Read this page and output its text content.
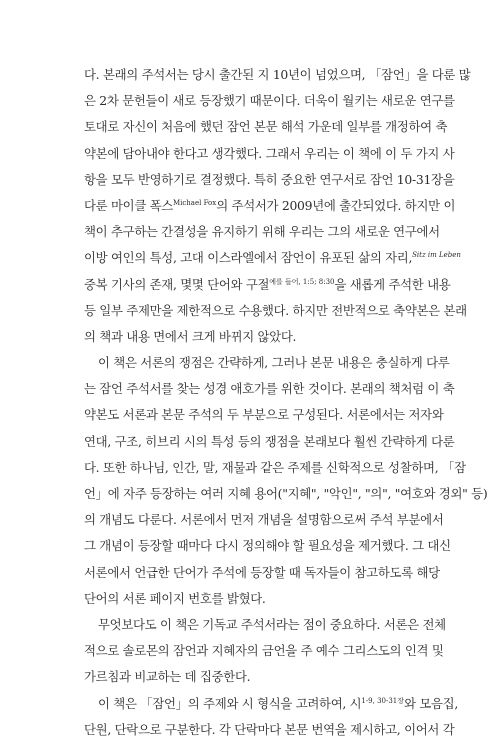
다. 본래의 주석서는 당시 출간된 지 10년이 넘었으며, 「잠언」을 다룬 많
은 2차 문헌들이 새로 등장했기 때문이다. 더욱이 월키는 새로운 연구를
토대로 자신이 처음에 했던 잠언 본문 해석 가운데 일부를 개정하여 축
약본에 담아내야 한다고 생각했다. 그래서 우리는 이 책에 이 두 가지 사
항을 모두 반영하기로 결정했다. 특히 중요한 연구서로 잠언 10-31장을
다룬 마이클 폭스$^{Michael Fox}$의 주석서가 2009년에 출간되었다. 하지만 이
책이 추구하는 간결성을 유지하기 위해 우리는 그의 새로운 연구에서
이방 여인의 특성, 고대 이스라엘에서 잠언이 유포된 삶의 자리,$^{Sitz im Leben}$
중복 기사의 존재, 몇몇 단어와 구절$^{예를 들어, 1:5; 8:30}$을 새롭게 주석한 내용
등 일부 주제만을 제한적으로 수용했다. 하지만 전반적으로 축약본은 본래
의 책과 내용 면에서 크게 바뀌지 않았다.
이 책은 서론의 쟁점은 간략하게, 그러나 본문 내용은 충실하게 다루
는 잠언 주석서를 찾는 성경 애호가를 위한 것이다. 본래의 책처럼 이 축
약본도 서론과 본문 주석의 두 부분으로 구성된다. 서론에서는 저자와
연대, 구조, 히브리 시의 특성 등의 쟁점을 본래보다 훨씬 간략하게 다룬
다. 또한 하나님, 인간, 말, 재물과 같은 주제를 신학적으로 성찰하며, 「잠
언」에 자주 등장하는 여러 지혜 용어("지혜", "악인", "의", "여호와 경외" 등)
의 개념도 다룬다. 서론에서 먼저 개념을 설명함으로써 주석 부분에서
그 개념이 등장할 때마다 다시 정의해야 할 필요성을 제거했다. 그 대신
서론에서 언급한 단어가 주석에 등장할 때 독자들이 참고하도록 해당
단어의 서론 페이지 번호를 밝혔다.
무엇보다도 이 책은 기독교 주석서라는 점이 중요하다. 서론은 전체
적으로 솔로몬의 잠언과 지혜자의 금언을 주 예수 그리스도의 인격 및
가르침과 비교하는 데 집중한다.
이 책은 「잠언」의 주제와 시 형식을 고려하여, 시$^{1-9, 30-31장}$와 모음집,
단원, 단락으로 구분한다. 각 단락마다 본문 번역을 제시하고, 이어서 각
